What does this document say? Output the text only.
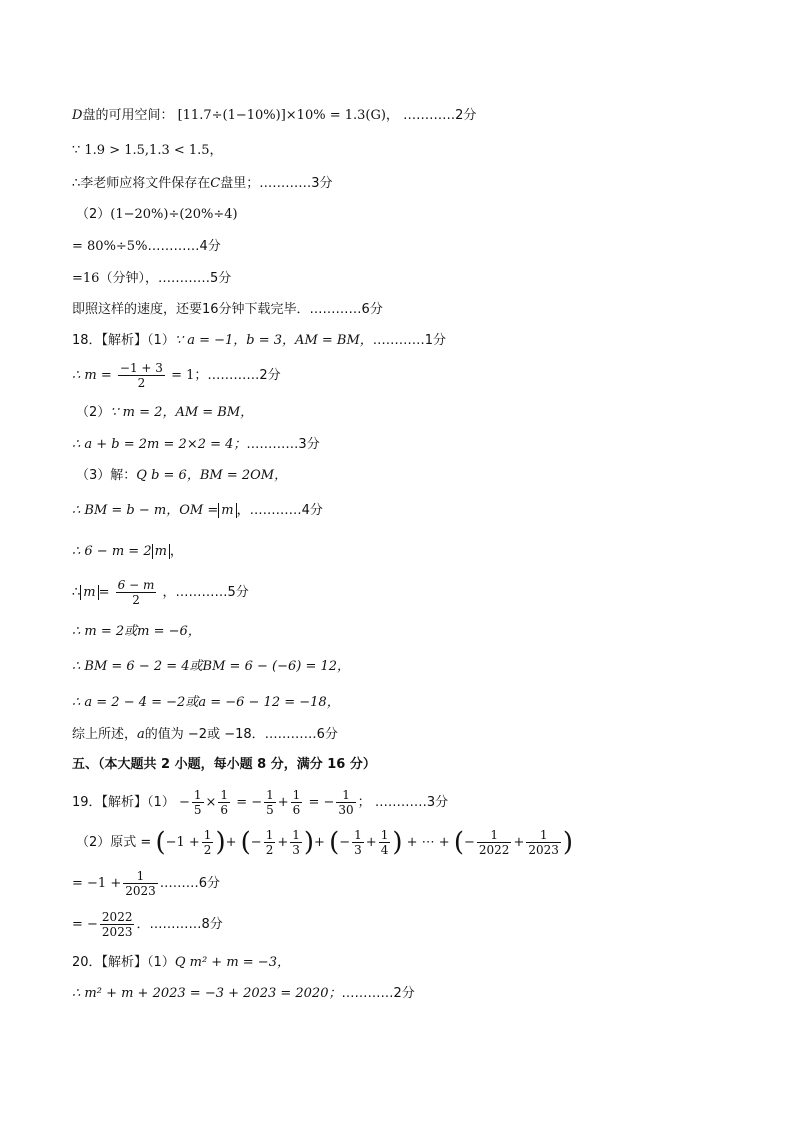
D盘的可用空间： [11.7÷(1−10%)]×10% = 1.3(G)， …………2分
∵ 1.9 > 1.5,1.3 < 1.5，
∴李老师应将文件保存在C盘里；…………3分
（2）(1−20%)÷(20%÷4)
= 80%÷5%…………4分
=16（分钟），…………5分
即照这样的速度，还要16分钟下载完毕．…………6分
18．【解析】（1）∵ a = −1，b = 3，AM = BM，…………1分
∴ $m = \frac{-1 + 3}{2} = 1$；…………2分
（2）∵ m = 2，AM = BM，
∴ a + b = 2m = 2×2 = 4；…………3分
（3）解：Q b = 6，BM = 2OM，
∴ BM = b − m，OM = m ，…………4分
∴ 6 − m = 2 m ，
∴ $m = \frac{6 - m}{2}$ ，…………5分
∴ m = 2或m = −6，
∴ BM = 6 − 2 = 4或BM = 6 − (−6) = 12，
∴ a = 2 − 4 = −2或a = −6 − 12 = −18，
综上所述，a的值为 −2或 −18．…………6分
五、（本大题共 2 小题，每小题 8 分，满分 16 分）
19．【解析】$(1) - \frac{1}{5} \times \frac{1}{6}$ = − $\frac{1}{5} + \frac{1}{6}$ = − $\frac{1}{30}$ ； …………3分
（2）原式 = ($-1 + \frac{1}{2}$ )+ (− $\frac{1}{2} + \frac{1}{3}$ )+ (− $\frac{1}{3} + \frac{1}{4}$ ) + ⋯ + (− $\frac{1}{2022} + \frac{1}{2023}$ )
= $-1 + \frac{1}{2023}$ ………6分
= − $\frac{2022}{2023}$ ．…………8分
20．【解析】（1）Q m² + m = −3，
∴ m² + m + 2023 = −3 + 2023 = 2020；…………2分
